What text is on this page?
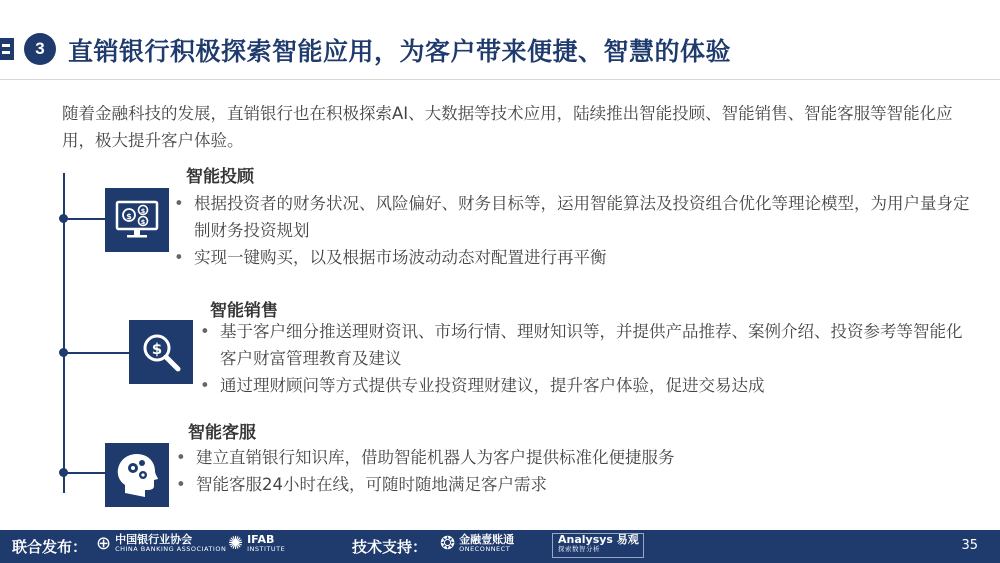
3 直销银行积极探索智能应用，为客户带来便捷、智慧的体验

随着金融科技的发展，直销银行也在积极探索AI、大数据等技术应用，陆续推出智能投顾、智能销售、智能客服等智能化应用，极大提升客户体验。

$
$
$
智能投顾
• 根据投资者的财务状况、风险偏好、财务目标等，运用智能算法及投资组合优化等理论模型，为用户量身定制财务投资规划
• 实现一键购买，以及根据市场波动动态对配置进行再平衡
$
智能销售
• 基于客户细分推送理财资讯、市场行情、理财知识等，并提供产品推荐、案例介绍、投资参考等智能化客户财富管理教育及建议
• 通过理财顾问等方式提供专业投资理财建议，提升客户体验，促进交易达成
智能客服
• 建立直销银行知识库，借助智能机器人为客户提供标准化便捷服务
• 智能客服24小时在线，可随时随地满足客户需求
联合发布： ⊕ 中国银行业协会
CHINA BANKING ASSOCIATION ✺ IFAB
INSTITUTE	技术支持： ❂ 金融壹账通
ONECONNECT
Analysys 易观
探索数智分析	35
